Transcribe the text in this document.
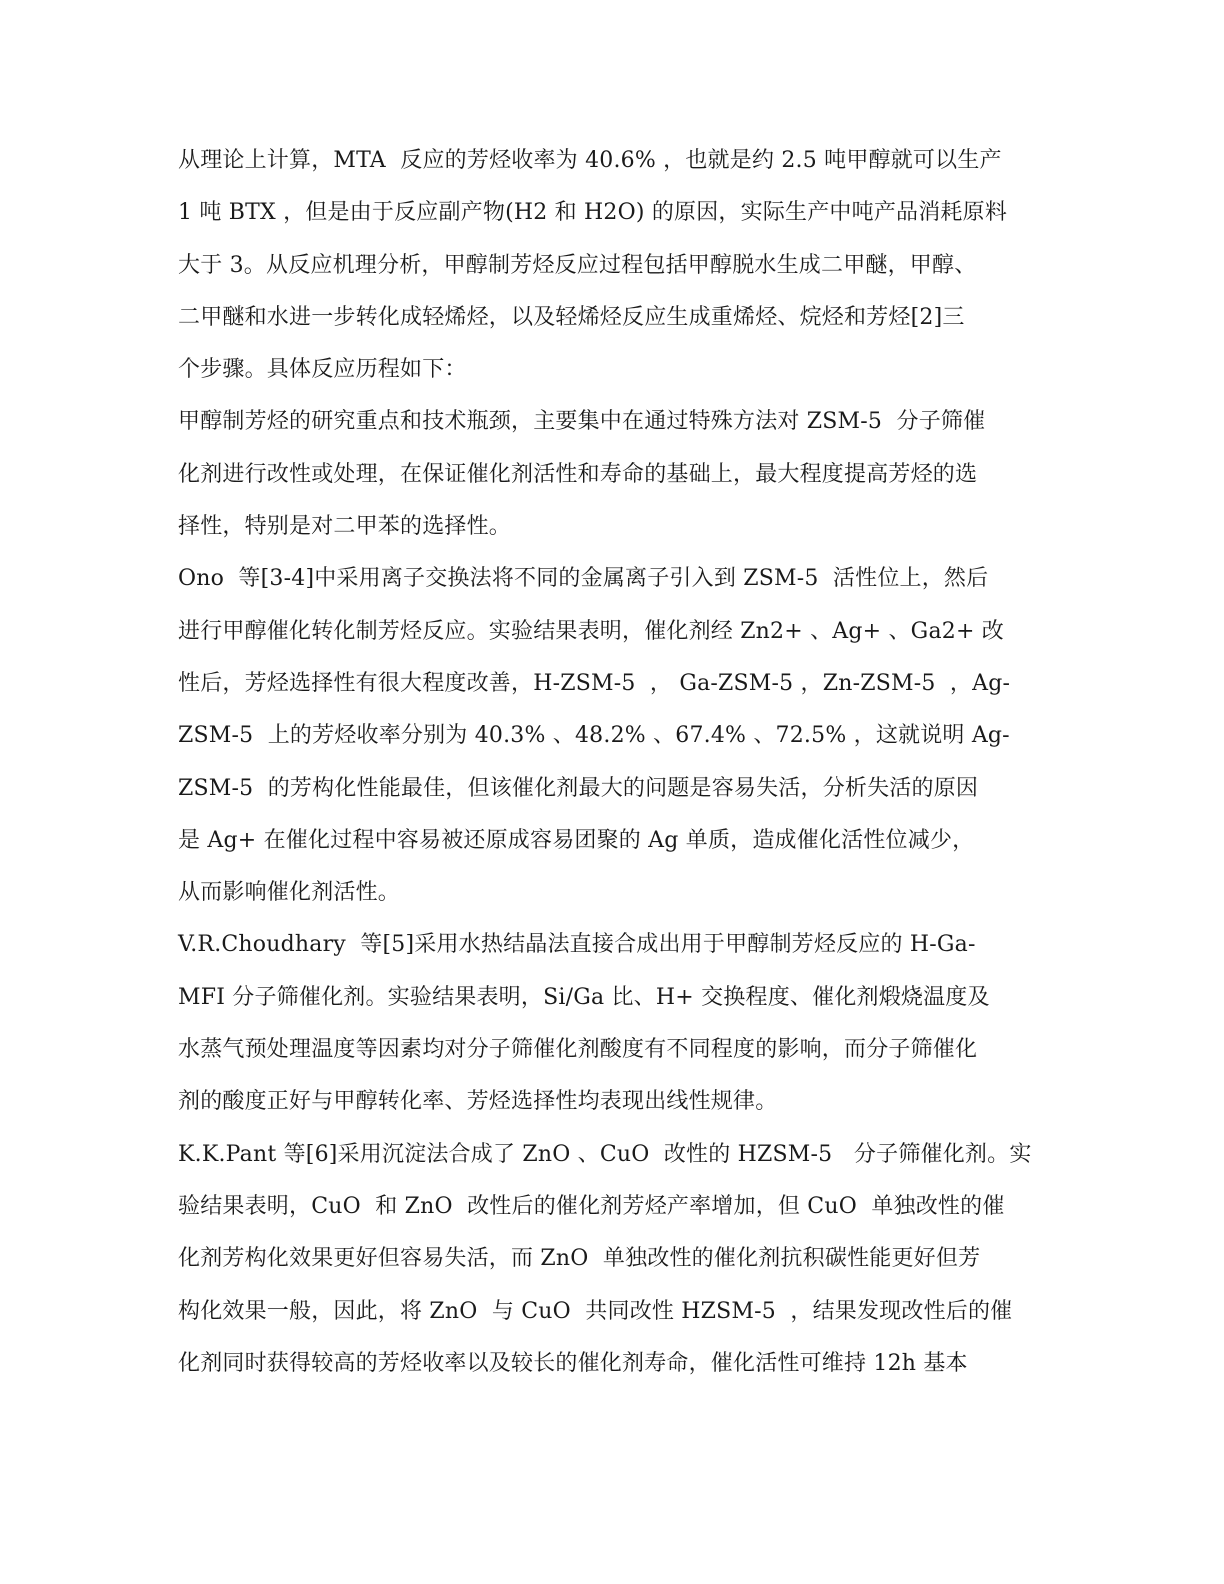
从理论上计算，MTA  反应的芳烃收率为 40.6% ，也就是约 2.5 吨甲醇就可以生产
1 吨 BTX ，但是由于反应副产物(H2 和 H2O) 的原因，实际生产中吨产品消耗原料
大于 3。从反应机理分析，甲醇制芳烃反应过程包括甲醇脱水生成二甲醚，甲醇、
二甲醚和水进一步转化成轻烯烃，以及轻烯烃反应生成重烯烃、烷烃和芳烃[2]三
个步骤。具体反应历程如下：
甲醇制芳烃的研究重点和技术瓶颈，主要集中在通过特殊方法对 ZSM-5  分子筛催
化剂进行改性或处理，在保证催化剂活性和寿命的基础上，最大程度提高芳烃的选
择性，特别是对二甲苯的选择性。
Ono  等[3-4]中采用离子交换法将不同的金属离子引入到 ZSM-5  活性位上，然后
进行甲醇催化转化制芳烃反应。实验结果表明，催化剂经 Zn2+ 、Ag+ 、Ga2+ 改
性后，芳烃选择性有很大程度改善，H-ZSM-5  ， Ga-ZSM-5 ，Zn-ZSM-5  ，Ag-
ZSM-5  上的芳烃收率分别为 40.3% 、48.2% 、67.4% 、72.5% ，这就说明 Ag-
ZSM-5  的芳构化性能最佳，但该催化剂最大的问题是容易失活，分析失活的原因
是 Ag+ 在催化过程中容易被还原成容易团聚的 Ag 单质，造成催化活性位减少，
从而影响催化剂活性。
V.R.Choudhary  等[5]采用水热结晶法直接合成出用于甲醇制芳烃反应的 H-Ga-
MFI 分子筛催化剂。实验结果表明，Si/Ga 比、H+ 交换程度、催化剂煅烧温度及
水蒸气预处理温度等因素均对分子筛催化剂酸度有不同程度的影响，而分子筛催化
剂的酸度正好与甲醇转化率、芳烃选择性均表现出线性规律。
K.K.Pant 等[6]采用沉淀法合成了 ZnO 、CuO  改性的 HZSM-5   分子筛催化剂。实
验结果表明，CuO  和 ZnO  改性后的催化剂芳烃产率增加，但 CuO  单独改性的催
化剂芳构化效果更好但容易失活，而 ZnO  单独改性的催化剂抗积碳性能更好但芳
构化效果一般，因此，将 ZnO  与 CuO  共同改性 HZSM-5  ，结果发现改性后的催
化剂同时获得较高的芳烃收率以及较长的催化剂寿命，催化活性可维持 12h 基本
